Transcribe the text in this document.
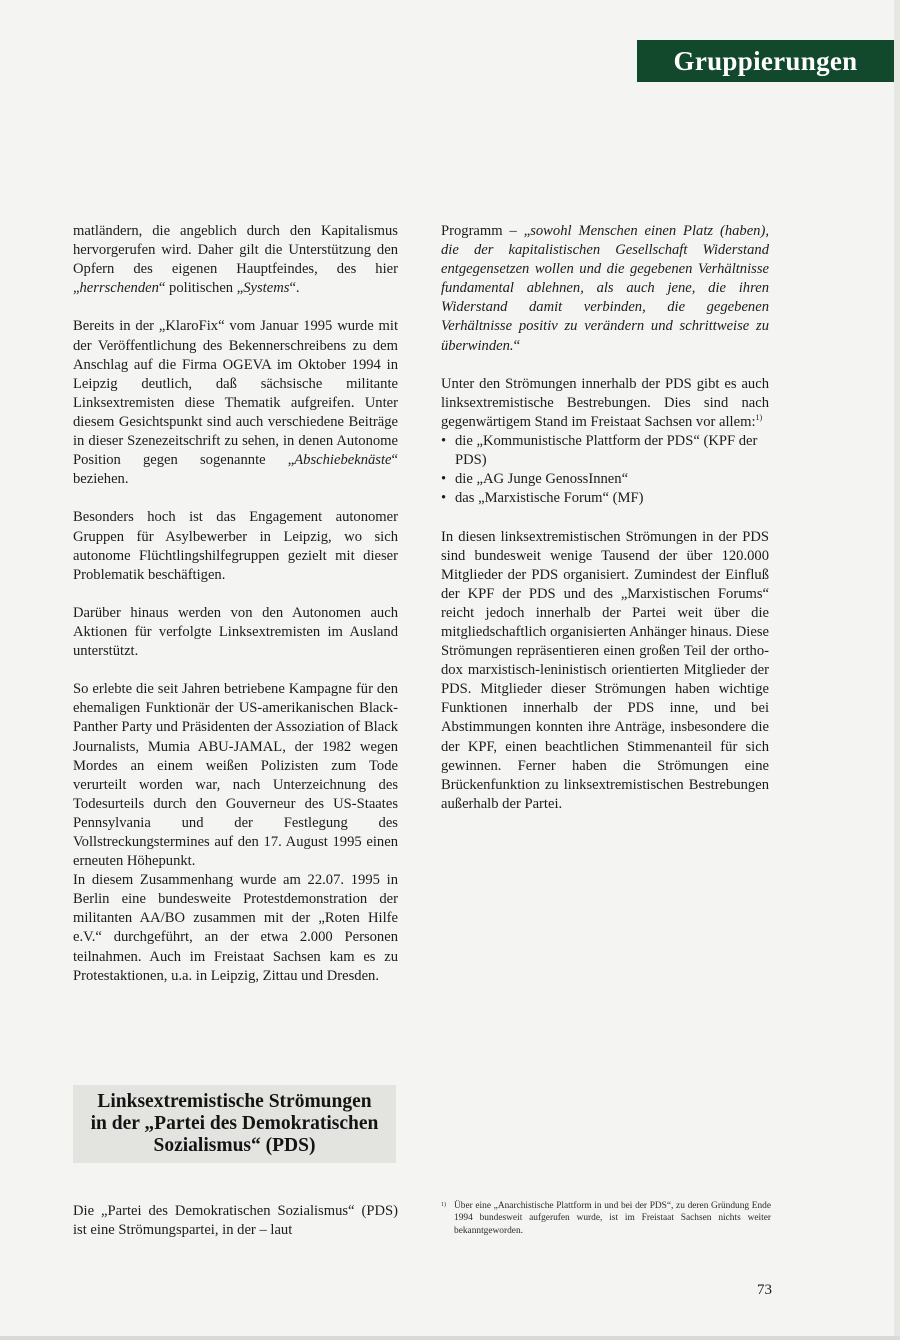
Gruppierungen

matländern, die angeblich durch den Kapitalismus hervorgerufen wird. Daher gilt die Unterstützung den Opfern des eigenen Hauptfeindes, des hier „herrschenden“ politischen „Systems“.

Bereits in der „KlaroFix“ vom Januar 1995 wurde mit der Veröffentlichung des Bekennerschreibens zu dem Anschlag auf die Firma OGEVA im Oktober 1994 in Leipzig deutlich, daß sächsische militante Linksextremisten diese Thematik aufgreifen. Unter diesem Gesichtspunkt sind auch verschiedene Beiträge in dieser Szenezeitschrift zu sehen, in denen Autonome Position gegen sogenannte „Abschiebeknäste“ beziehen.

Besonders hoch ist das Engagement autonomer Gruppen für Asylbewerber in Leipzig, wo sich autonome Flüchtlingshilfegruppen gezielt mit dieser Problematik beschäftigen.

Darüber hinaus werden von den Autonomen auch Aktionen für verfolgte Linksextremisten im Ausland unterstützt.

So erlebte die seit Jahren betriebene Kampagne für den ehemaligen Funktionär der US-amerikanischen Black-Panther Party und Präsidenten der Assoziation of Black Journalists, Mumia ABU-JAMAL, der 1982 wegen Mordes an einem weißen Polizisten zum Tode verurteilt worden war, nach Unterzeichnung des Todesurteils durch den Gouverneur des US-Staates Pennsylvania und der Festlegung des Vollstreckungstermines auf den 17. August 1995 einen erneuten Höhepunkt.

In diesem Zusammenhang wurde am 22.07. 1995 in Berlin eine bundesweite Protestdemonstration der militanten AA/BO zusammen mit der „Roten Hilfe e.V.“ durchgeführt, an der etwa 2.000 Personen teilnahmen. Auch im Freistaat Sachsen kam es zu Protestaktionen, u.a. in Leipzig, Zittau und Dresden.

Programm – „sowohl Menschen einen Platz (haben), die der kapitalistischen Gesellschaft Widerstand entgegensetzen wollen und die gegebenen Verhältnisse fundamental ablehnen, als auch jene, die ihren Widerstand damit verbinden, die gegebenen Verhältnisse positiv zu verändern und schrittweise zu überwinden.“

Unter den Strömungen innerhalb der PDS gibt es auch linksextremistische Bestrebungen. Dies sind nach gegenwärtigem Stand im Freistaat Sachsen vor allem:$^{1)}$

• die „Kommunistische Plattform der PDS“ (KPF der PDS)
• die „AG Junge GenossInnen“
• das „Marxistische Forum“ (MF)

In diesen linksextremistischen Strömungen in der PDS sind bundesweit wenige Tausend der über 120.000 Mitglieder der PDS organisiert. Zumindest der Einfluß der KPF der PDS und des „Marxistischen Forums“ reicht jedoch innerhalb der Partei weit über die mitgliedschaftlich organisierten Anhänger hinaus. Diese Strömungen repräsentieren einen großen Teil der orthodox marxistisch-leninistisch orientierten Mitglieder der PDS. Mitglieder dieser Strömungen haben wichtige Funktionen innerhalb der PDS inne, und bei Abstimmungen konnten ihre Anträge, insbesondere die der KPF, einen beachtlichen Stimmenanteil für sich gewinnen. Ferner haben die Strömungen eine Brückenfunktion zu linksextremistischen Bestrebungen außerhalb der Partei.

Linksextremistische Strömungen
in der „Partei des Demokratischen
Sozialismus“ (PDS)
Die „Partei des Demokratischen Sozialismus“ (PDS) ist eine Strömungspartei, in der – laut
1) Über eine „Anarchistische Plattform in und bei der PDS“, zu deren Gründung Ende 1994 bundesweit aufgerufen wurde, ist im Freistaat Sachsen nichts weiter bekanntgeworden.
73
